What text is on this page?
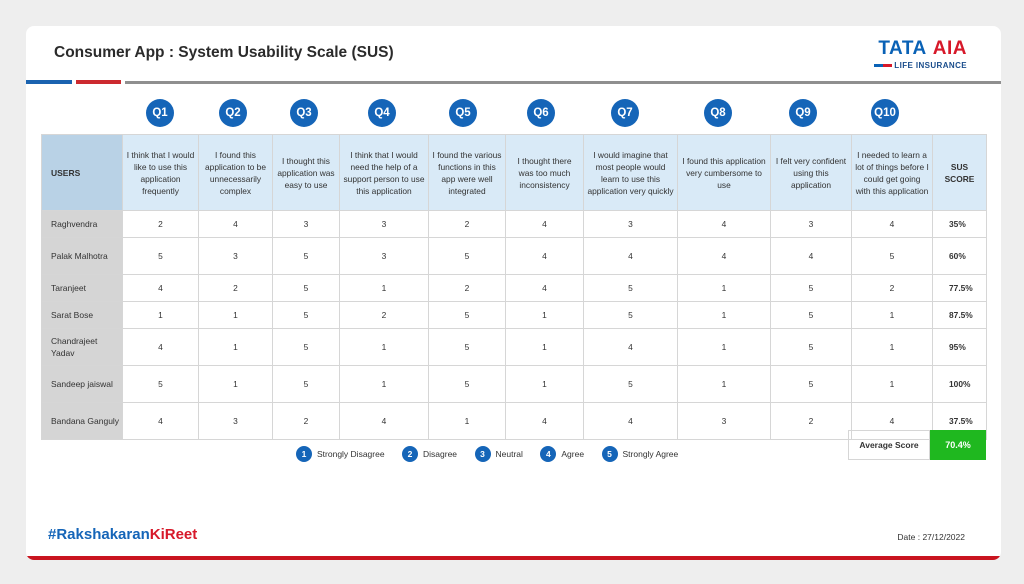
Consumer App : System Usability Scale (SUS)	TATA AIA
LIFE INSURANCE
Q1	Q2	Q3	Q4	Q5	Q6	Q7	Q8	Q9	Q10
USERS	I think that I would like to use this application frequently	I found this application to be unnecessarily complex	I thought this application was easy to use	I think that I would need the help of a support person to use this application	I found the various functions in this app were well integrated	I thought there was too much inconsistency	I would imagine that most people would learn to use this application very quickly	I found this application very cumbersome to use	I felt very confident using this application	I needed to learn a lot of things before I could get going with this application	SUS SCORE
Raghvendra	2	4	3	3	2	4	3	4	3	4	35%
Palak Malhotra	5	3	5	3	5	4	4	4	4	5	60%
Taranjeet	4	2	5	1	2	4	5	1	5	2	77.5%
Sarat Bose	1	1	5	2	5	1	5	1	5	1	87.5%
Chandrajeet Yadav	4	1	5	1	5	1	4	1	5	1	95%
Sandeep jaiswal	5	1	5	1	5	1	5	1	5	1	100%
Bandana Ganguly	4	3	2	4	1	4	4	3	2	4	37.5%
Average Score	70.4%
1 Strongly Disagree	2 Disagree	3 Neutral	4 Agree	5 Strongly Agree
#RakshakaranKiReet	Date : 27/12/2022
